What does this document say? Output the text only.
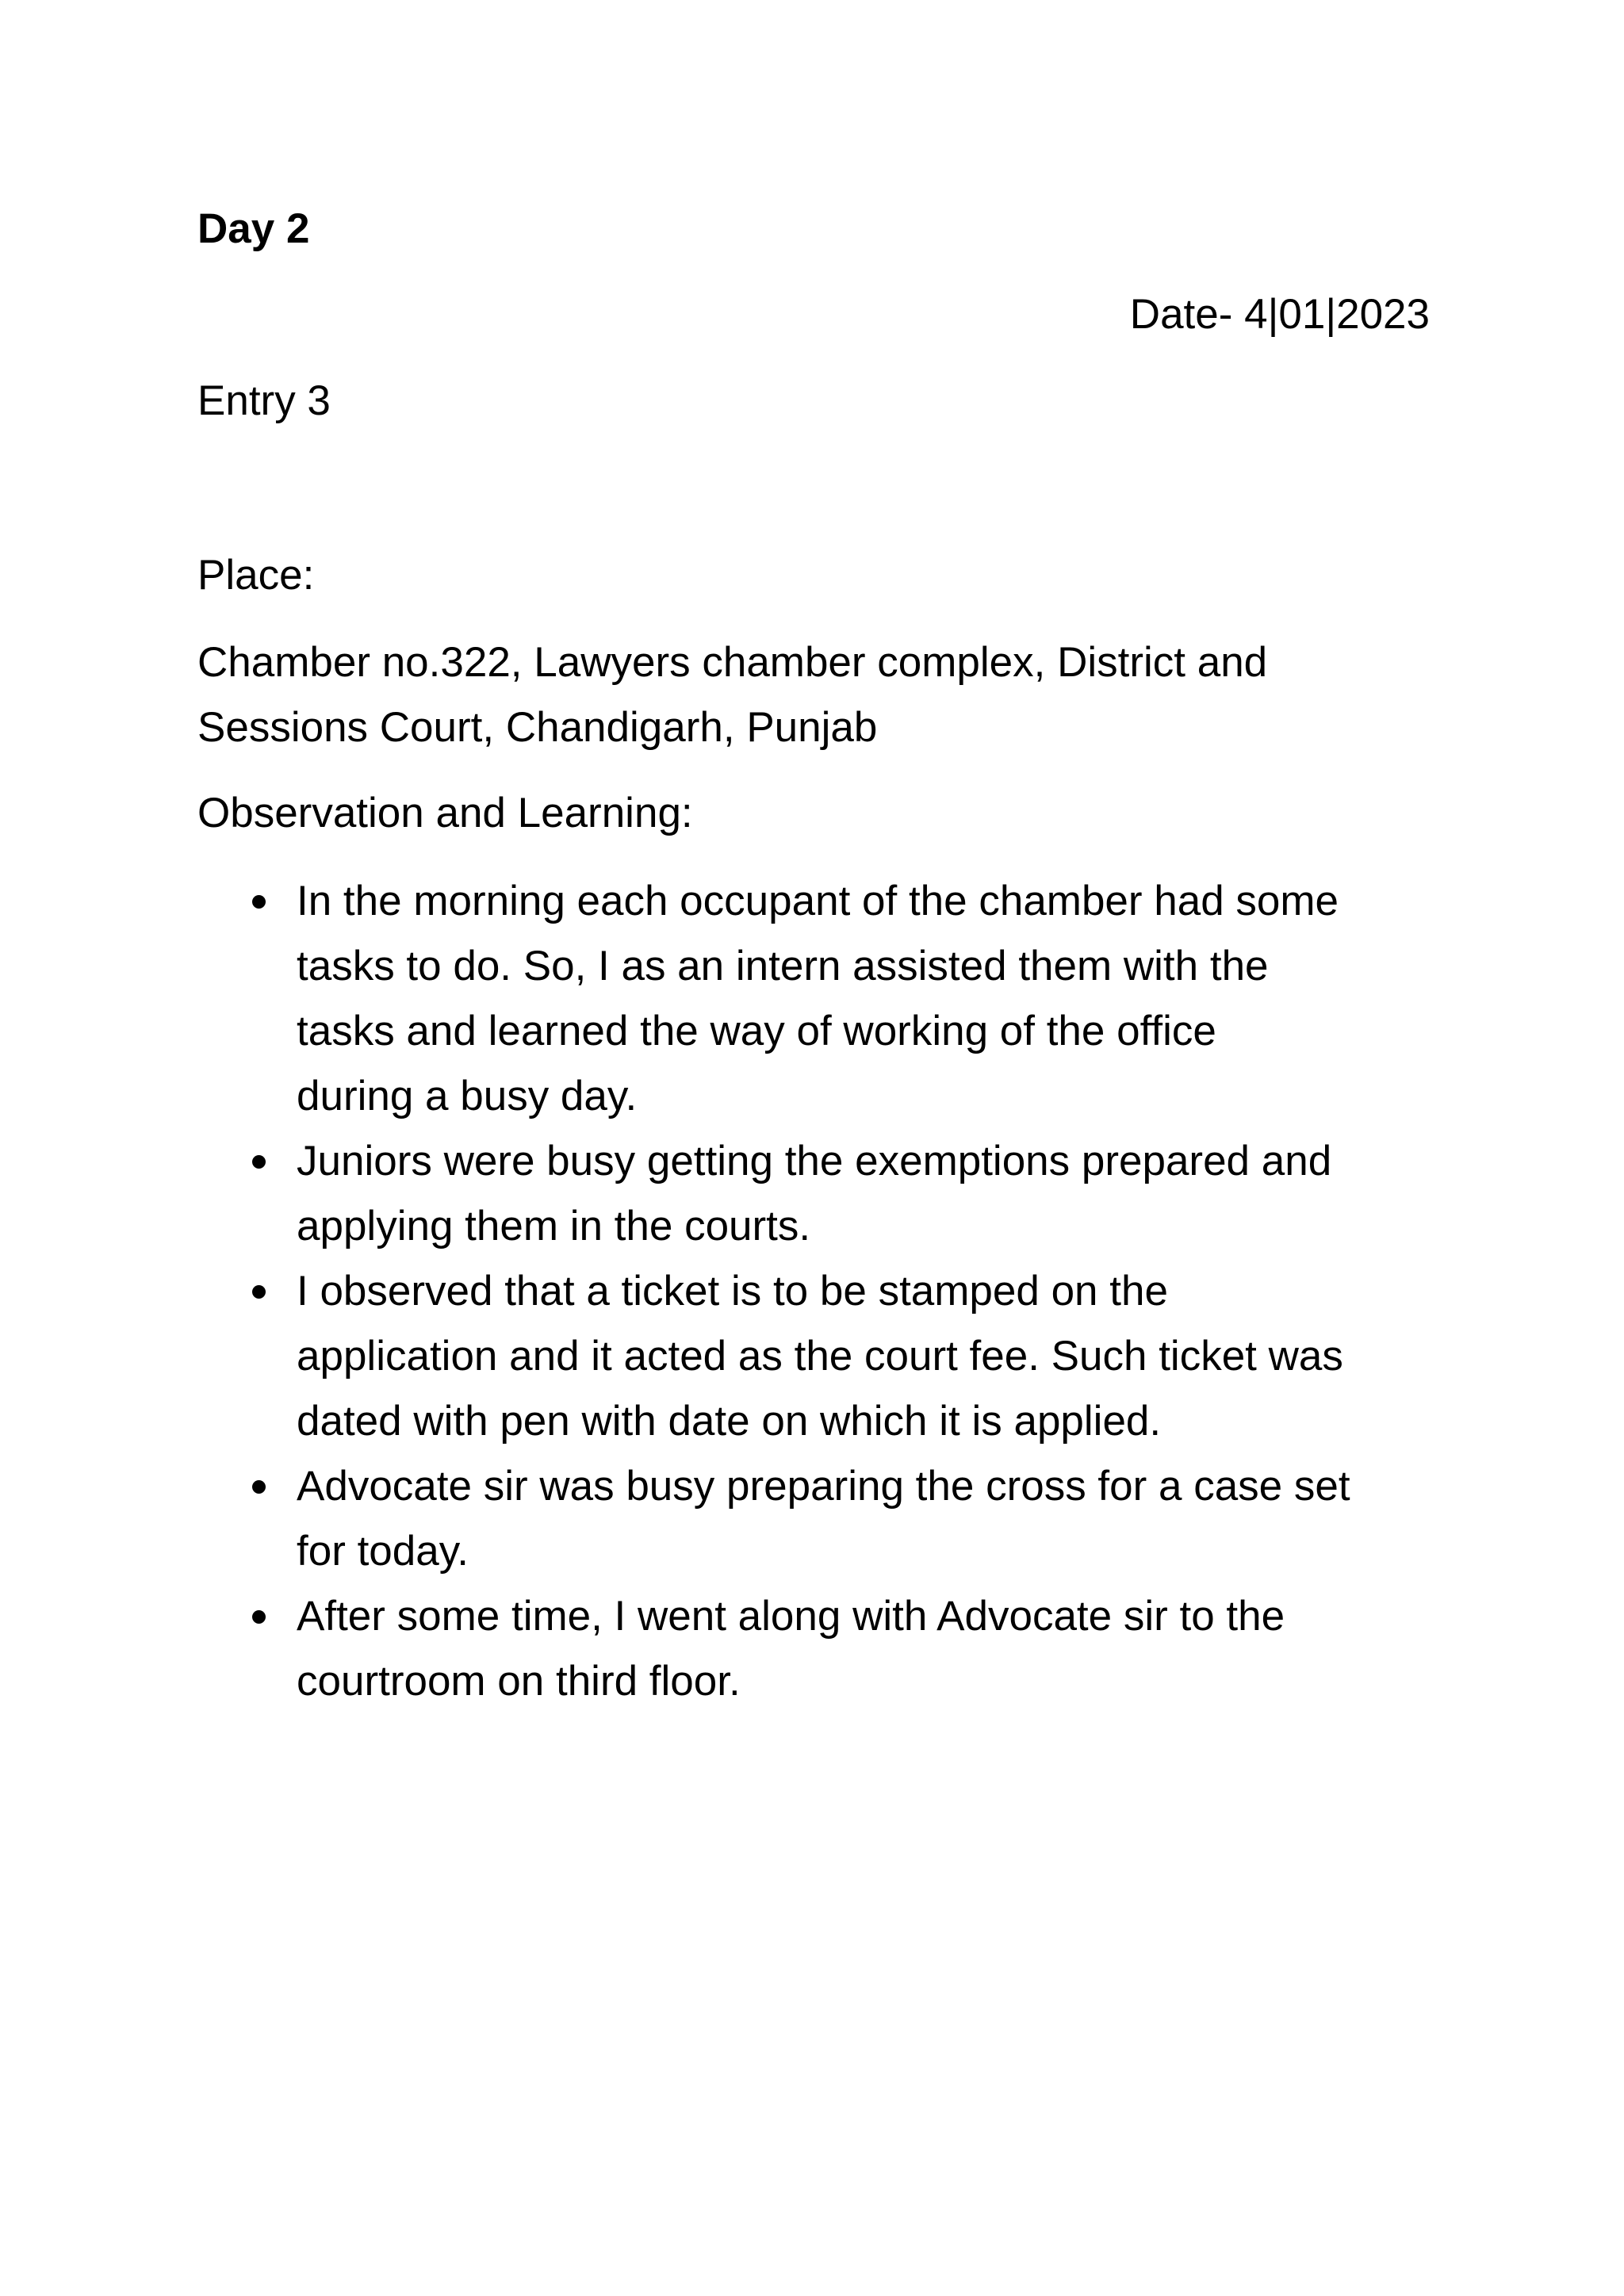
Day 2
Date- 4|01|2023
Entry 3
Place:
Chamber no.322, Lawyers chamber complex, District and
Sessions Court, Chandigarh, Punjab
Observation and Learning:
In the morning each occupant of the chamber had some
tasks to do. So, I as an intern assisted them with the
tasks and learned the way of working of the office
during a busy day.
Juniors were busy getting the exemptions prepared and
applying them in the courts.
I observed that a ticket is to be stamped on the
application and it acted as the court fee. Such ticket was
dated with pen with date on which it is applied.
Advocate sir was busy preparing the cross for a case set
for today.
After some time, I went along with Advocate sir to the
courtroom on third floor.
